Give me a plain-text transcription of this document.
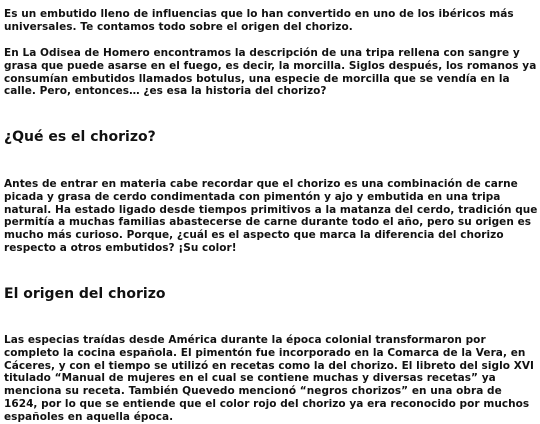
Es un embutido lleno de influencias que lo han convertido en uno de los ibéricos más universales. Te contamos todo sobre el origen del chorizo.

En La Odisea de Homero encontramos la descripción de una tripa rellena con sangre y grasa que puede asarse en el fuego, es decir, la morcilla. Siglos después, los romanos ya consumían embutidos llamados botulus, una especie de morcilla que se vendía en la calle. Pero, entonces… ¿es esa la historia del chorizo?

¿Qué es el chorizo?

Antes de entrar en materia cabe recordar que el chorizo es una combinación de carne picada y grasa de cerdo condimentada con pimentón y ajo y embutida en una tripa natural. Ha estado ligado desde tiempos primitivos a la matanza del cerdo, tradición que permitía a muchas familias abastecerse de carne durante todo el año, pero su origen es mucho más curioso. Porque, ¿cuál es el aspecto que marca la diferencia del chorizo respecto a otros embutidos? ¡Su color!

El origen del chorizo

Las especias traídas desde América durante la época colonial transformaron por completo la cocina española. El pimentón fue incorporado en la Comarca de la Vera, en Cáceres, y con el tiempo se utilizó en recetas como la del chorizo. El libreto del siglo XVI titulado “Manual de mujeres en el cual se contiene muchas y diversas recetas” ya menciona su receta. También Quevedo mencionó “negros chorizos” en una obra de 1624, por lo que se entiende que el color rojo del chorizo ya era reconocido por muchos españoles en aquella época.
